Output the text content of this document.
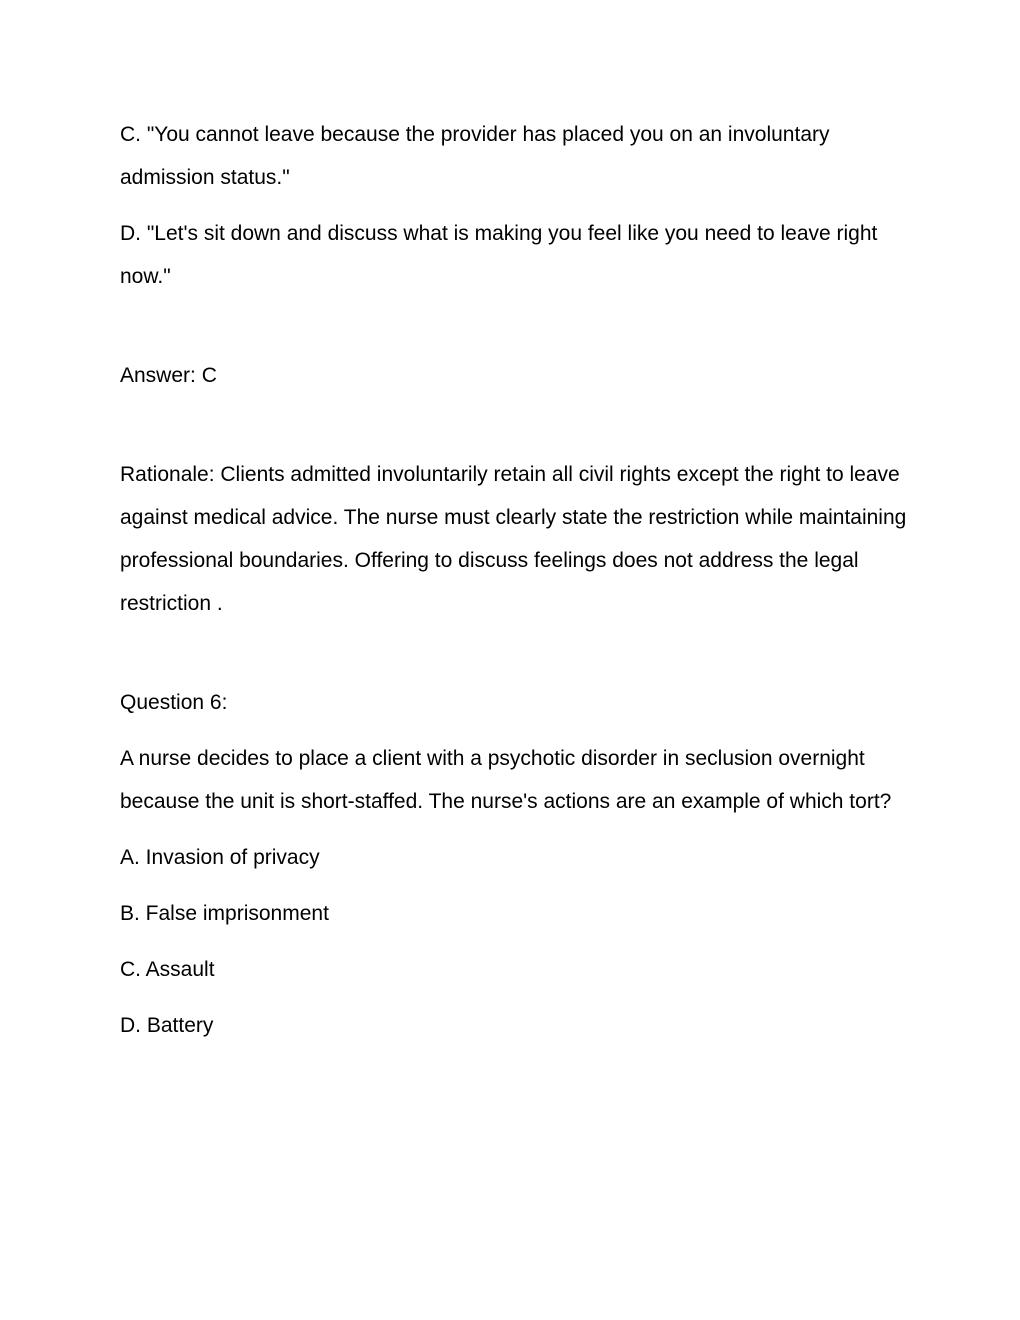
C. "You cannot leave because the provider has placed you on an involuntary admission status."

D. "Let's sit down and discuss what is making you feel like you need to leave right now."

Answer: C

Rationale: Clients admitted involuntarily retain all civil rights except the right to leave against medical advice. The nurse must clearly state the restriction while maintaining professional boundaries. Offering to discuss feelings does not address the legal restriction .

Question 6:

A nurse decides to place a client with a psychotic disorder in seclusion overnight because the unit is short-staffed. The nurse's actions are an example of which tort?

A. Invasion of privacy

B. False imprisonment

C. Assault

D. Battery
